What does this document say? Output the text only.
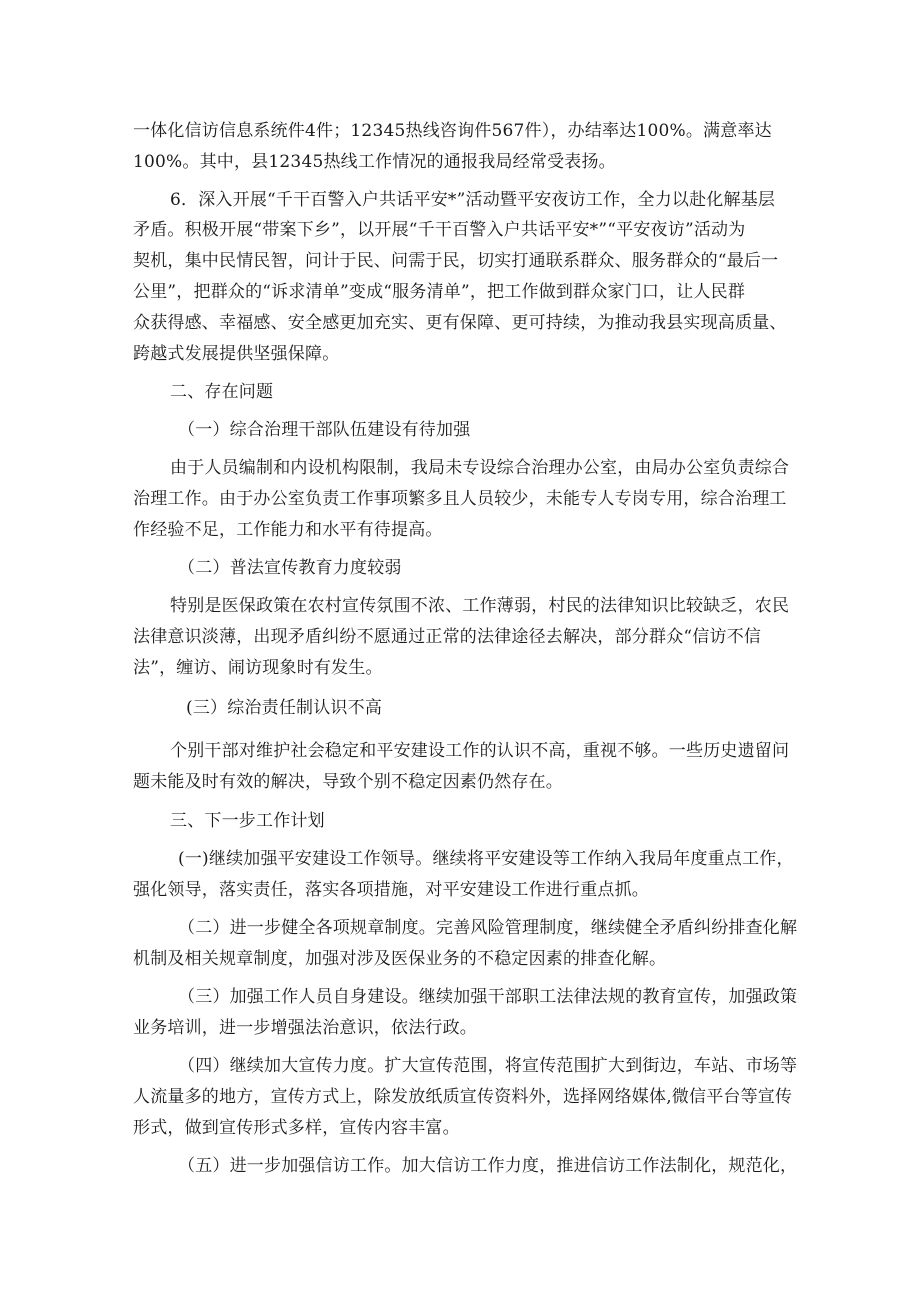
一体化信访信息系统件4件；12345热线咨询件567件），办结率达100%。满意率达

100%。其中，县12345热线工作情况的通报我局经常受表扬。

6．深入开展“千干百警入户共话平安*”活动暨平安夜访工作，全力以赴化解基层

矛盾。积极开展“带案下乡”，以开展“千干百警入户共话平安*”“平安夜访”活动为

契机，集中民情民智，问计于民、问需于民，切实打通联系群众、服务群众的“最后一

公里”，把群众的“诉求清单”变成“服务清单”，把工作做到群众家门口，让人民群

众获得感、幸福感、安全感更加充实、更有保障、更可持续，为推动我县实现高质量、

跨越式发展提供坚强保障。

二、存在问题

（一）综合治理干部队伍建设有待加强

由于人员编制和内设机构限制，我局未专设综合治理办公室，由局办公室负责综合

治理工作。由于办公室负责工作事项繁多且人员较少，未能专人专岗专用，综合治理工

作经验不足，工作能力和水平有待提高。

（二）普法宣传教育力度较弱

特别是医保政策在农村宣传氛围不浓、工作薄弱，村民的法律知识比较缺乏，农民

法律意识淡薄，出现矛盾纠纷不愿通过正常的法律途径去解决，部分群众“信访不信

法”，缠访、闹访现象时有发生。

(三）综治责任制认识不高

个别干部对维护社会稳定和平安建设工作的认识不高，重视不够。一些历史遗留问

题未能及时有效的解决，导致个别不稳定因素仍然存在。

三、下一步工作计划

(一)继续加强平安建设工作领导。继续将平安建设等工作纳入我局年度重点工作，

强化领导，落实责任，落实各项措施，对平安建设工作进行重点抓。

（二）进一步健全各项规章制度。完善风险管理制度，继续健全矛盾纠纷排查化解

机制及相关规章制度，加强对涉及医保业务的不稳定因素的排查化解。

（三）加强工作人员自身建设。继续加强干部职工法律法规的教育宣传，加强政策

业务培训，进一步增强法治意识，依法行政。

（四）继续加大宣传力度。扩大宣传范围，将宣传范围扩大到街边，车站、市场等

人流量多的地方，宣传方式上，除发放纸质宣传资料外，选择网络媒体,微信平台等宣传

形式，做到宣传形式多样，宣传内容丰富。

（五）进一步加强信访工作。加大信访工作力度，推进信访工作法制化，规范化，
